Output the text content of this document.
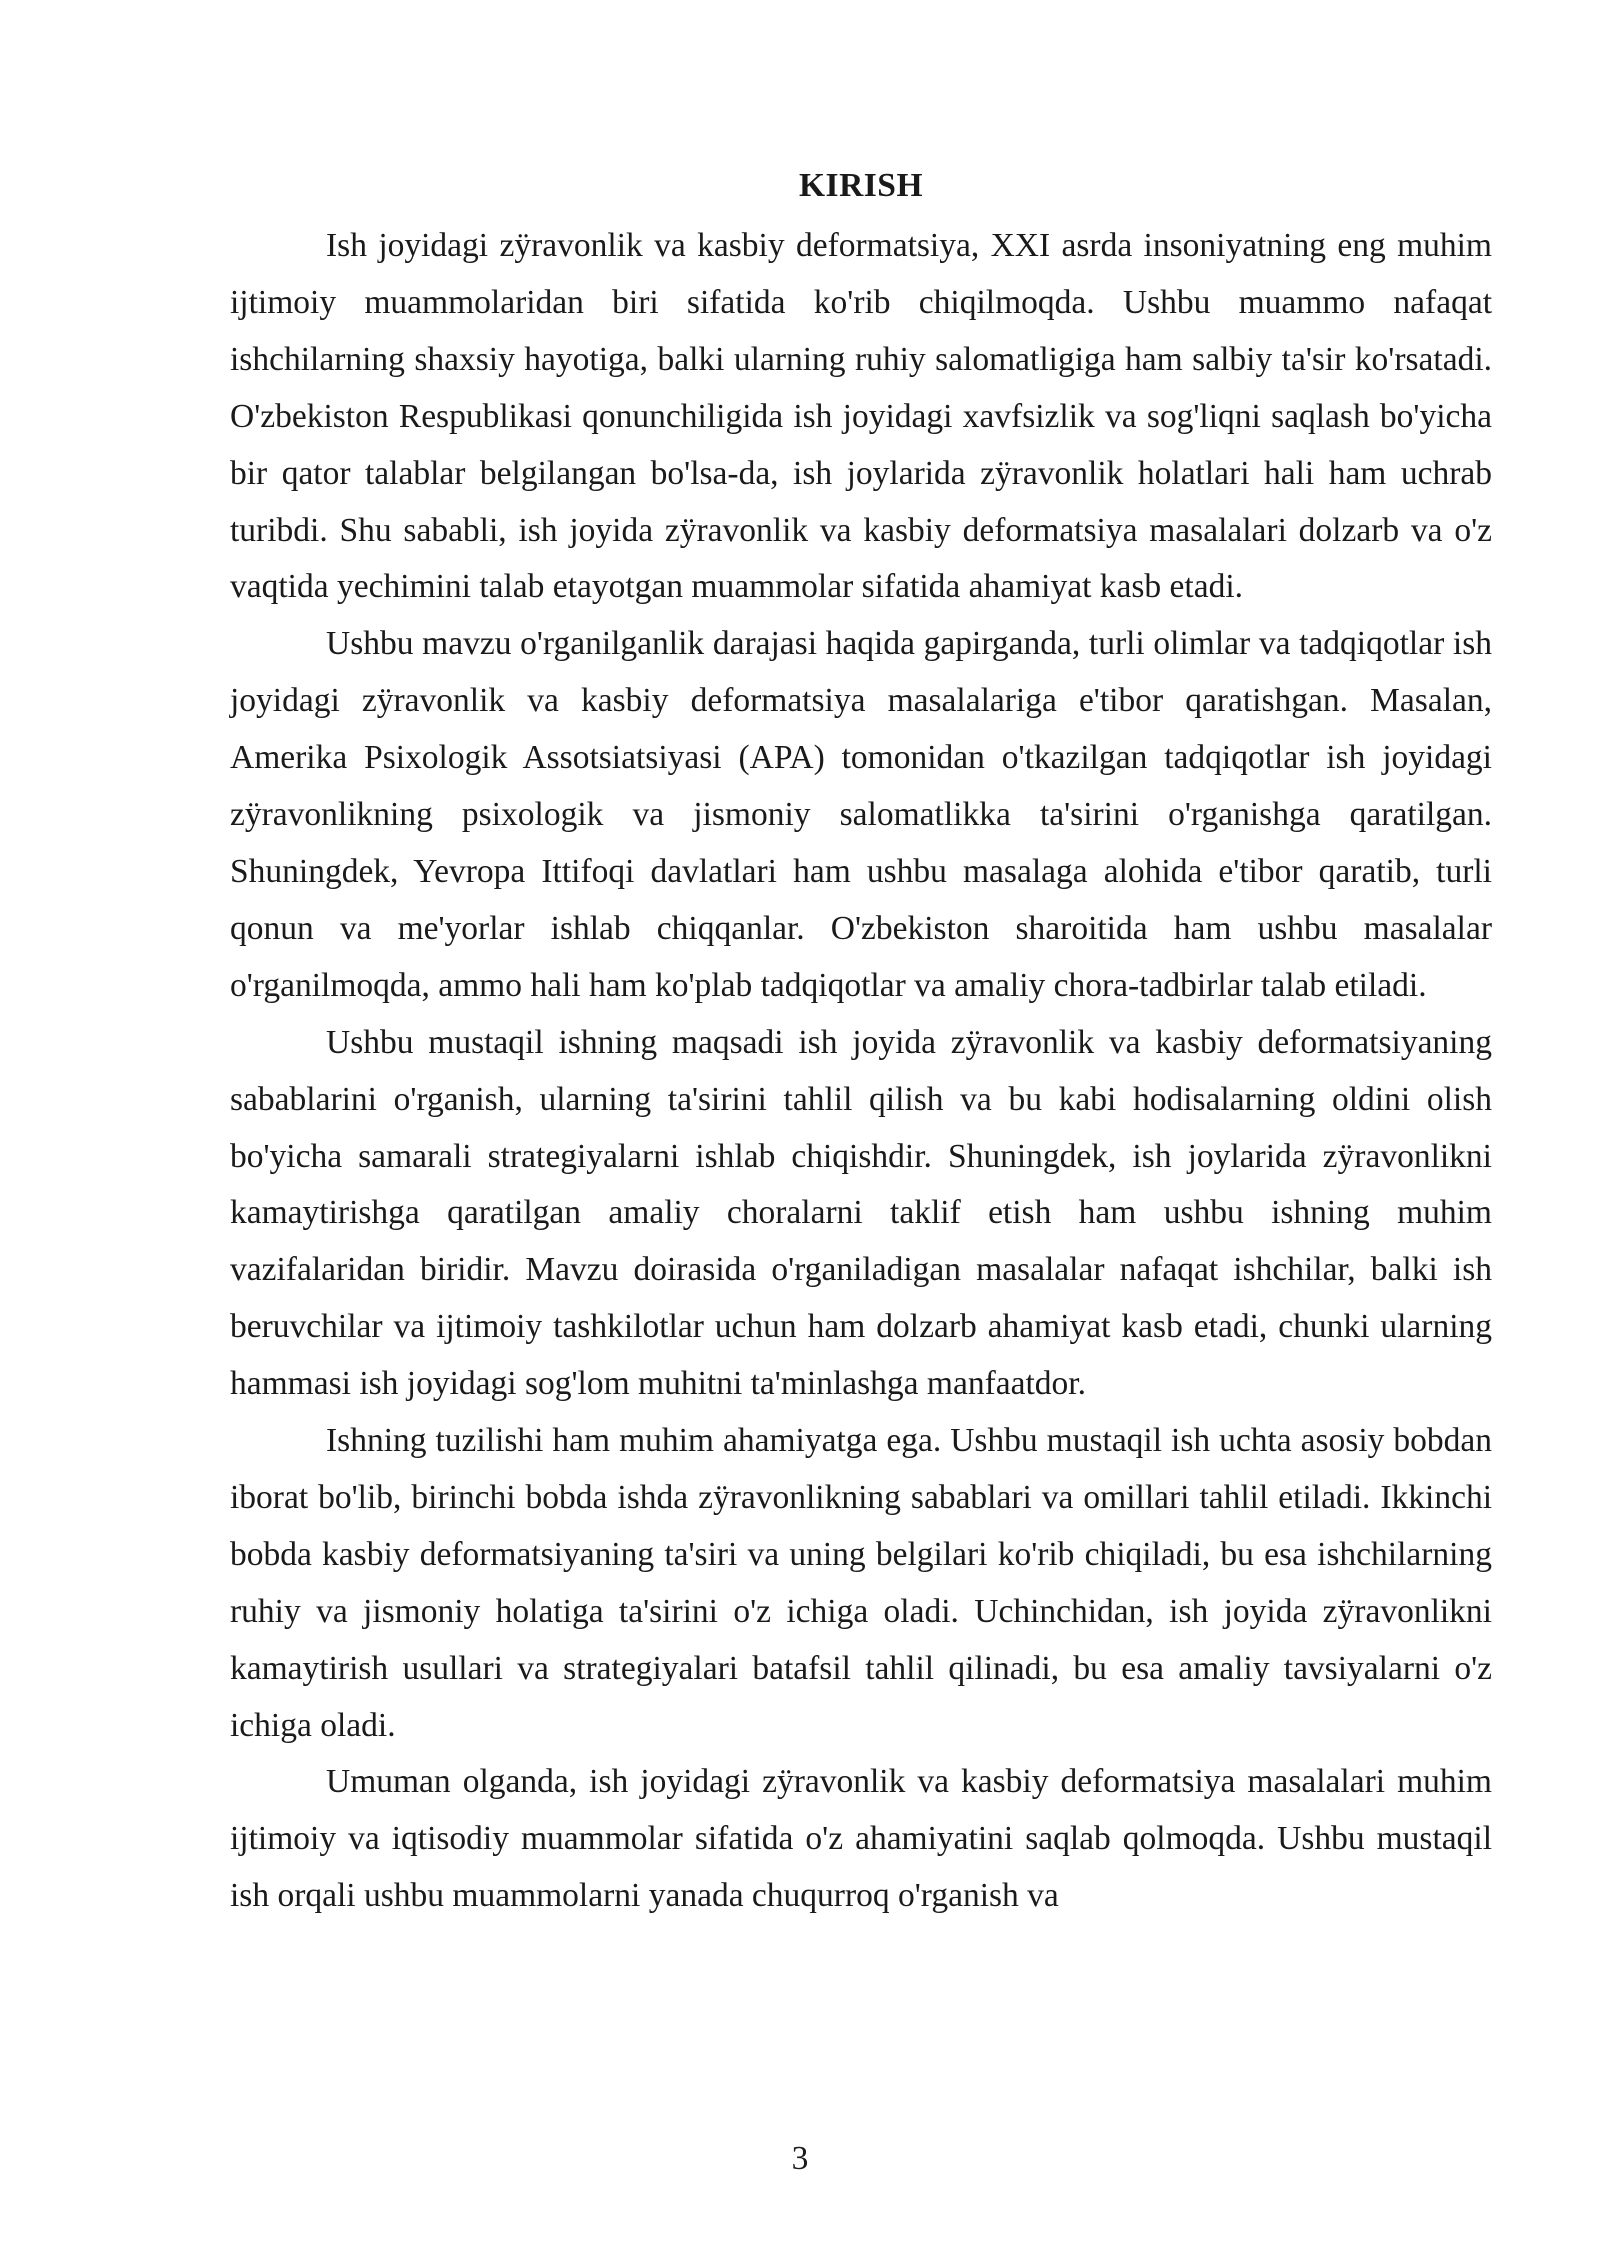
KIRISH

Ish joyidagi zÿravonlik va kasbiy deformatsiya, XXI asrda insoniyatning eng muhim ijtimoiy muammolaridan biri sifatida ko'rib chiqilmoqda. Ushbu muammo nafaqat ishchilarning shaxsiy hayotiga, balki ularning ruhiy salomatligiga ham salbiy ta'sir ko'rsatadi. O'zbekiston Respublikasi qonunchiligida ish joyidagi xavfsizlik va sog'liqni saqlash bo'yicha bir qator talablar belgilangan bo'lsa-da, ish joylarida zÿravonlik holatlari hali ham uchrab turibdi. Shu sababli, ish joyida zÿravonlik va kasbiy deformatsiya masalalari dolzarb va o'z vaqtida yechimini talab etayotgan muammolar sifatida ahamiyat kasb etadi.

Ushbu mavzu o'rganilganlik darajasi haqida gapirganda, turli olimlar va tadqiqotlar ish joyidagi zÿravonlik va kasbiy deformatsiya masalalariga e'tibor qaratishgan. Masalan, Amerika Psixologik Assotsiatsiyasi (APA) tomonidan o'tkazilgan tadqiqotlar ish joyidagi zÿravonlikning psixologik va jismoniy salomatlikka ta'sirini o'rganishga qaratilgan. Shuningdek, Yevropa Ittifoqi davlatlari ham ushbu masalaga alohida e'tibor qaratib, turli qonun va me'yorlar ishlab chiqqanlar. O'zbekiston sharoitida ham ushbu masalalar o'rganilmoqda, ammo hali ham ko'plab tadqiqotlar va amaliy chora-tadbirlar talab etiladi.

Ushbu mustaqil ishning maqsadi ish joyida zÿravonlik va kasbiy deformatsiyaning sabablarini o'rganish, ularning ta'sirini tahlil qilish va bu kabi hodisalarning oldini olish bo'yicha samarali strategiyalarni ishlab chiqishdir. Shuningdek, ish joylarida zÿravonlikni kamaytirishga qaratilgan amaliy choralarni taklif etish ham ushbu ishning muhim vazifalaridan biridir. Mavzu doirasida o'rganiladigan masalalar nafaqat ishchilar, balki ish beruvchilar va ijtimoiy tashkilotlar uchun ham dolzarb ahamiyat kasb etadi, chunki ularning hammasi ish joyidagi sog'lom muhitni ta'minlashga manfaatdor.

Ishning tuzilishi ham muhim ahamiyatga ega. Ushbu mustaqil ish uchta asosiy bobdan iborat bo'lib, birinchi bobda ishda zÿravonlikning sabablari va omillari tahlil etiladi. Ikkinchi bobda kasbiy deformatsiyaning ta'siri va uning belgilari ko'rib chiqiladi, bu esa ishchilarning ruhiy va jismoniy holatiga ta'sirini o'z ichiga oladi. Uchinchidan, ish joyida zÿravonlikni kamaytirish usullari va strategiyalari batafsil tahlil qilinadi, bu esa amaliy tavsiyalarni o'z ichiga oladi.

Umuman olganda, ish joyidagi zÿravonlik va kasbiy deformatsiya masalalari muhim ijtimoiy va iqtisodiy muammolar sifatida o'z ahamiyatini saqlab qolmoqda. Ushbu mustaqil ish orqali ushbu muammolarni yanada chuqurroq o'rganish va

3
